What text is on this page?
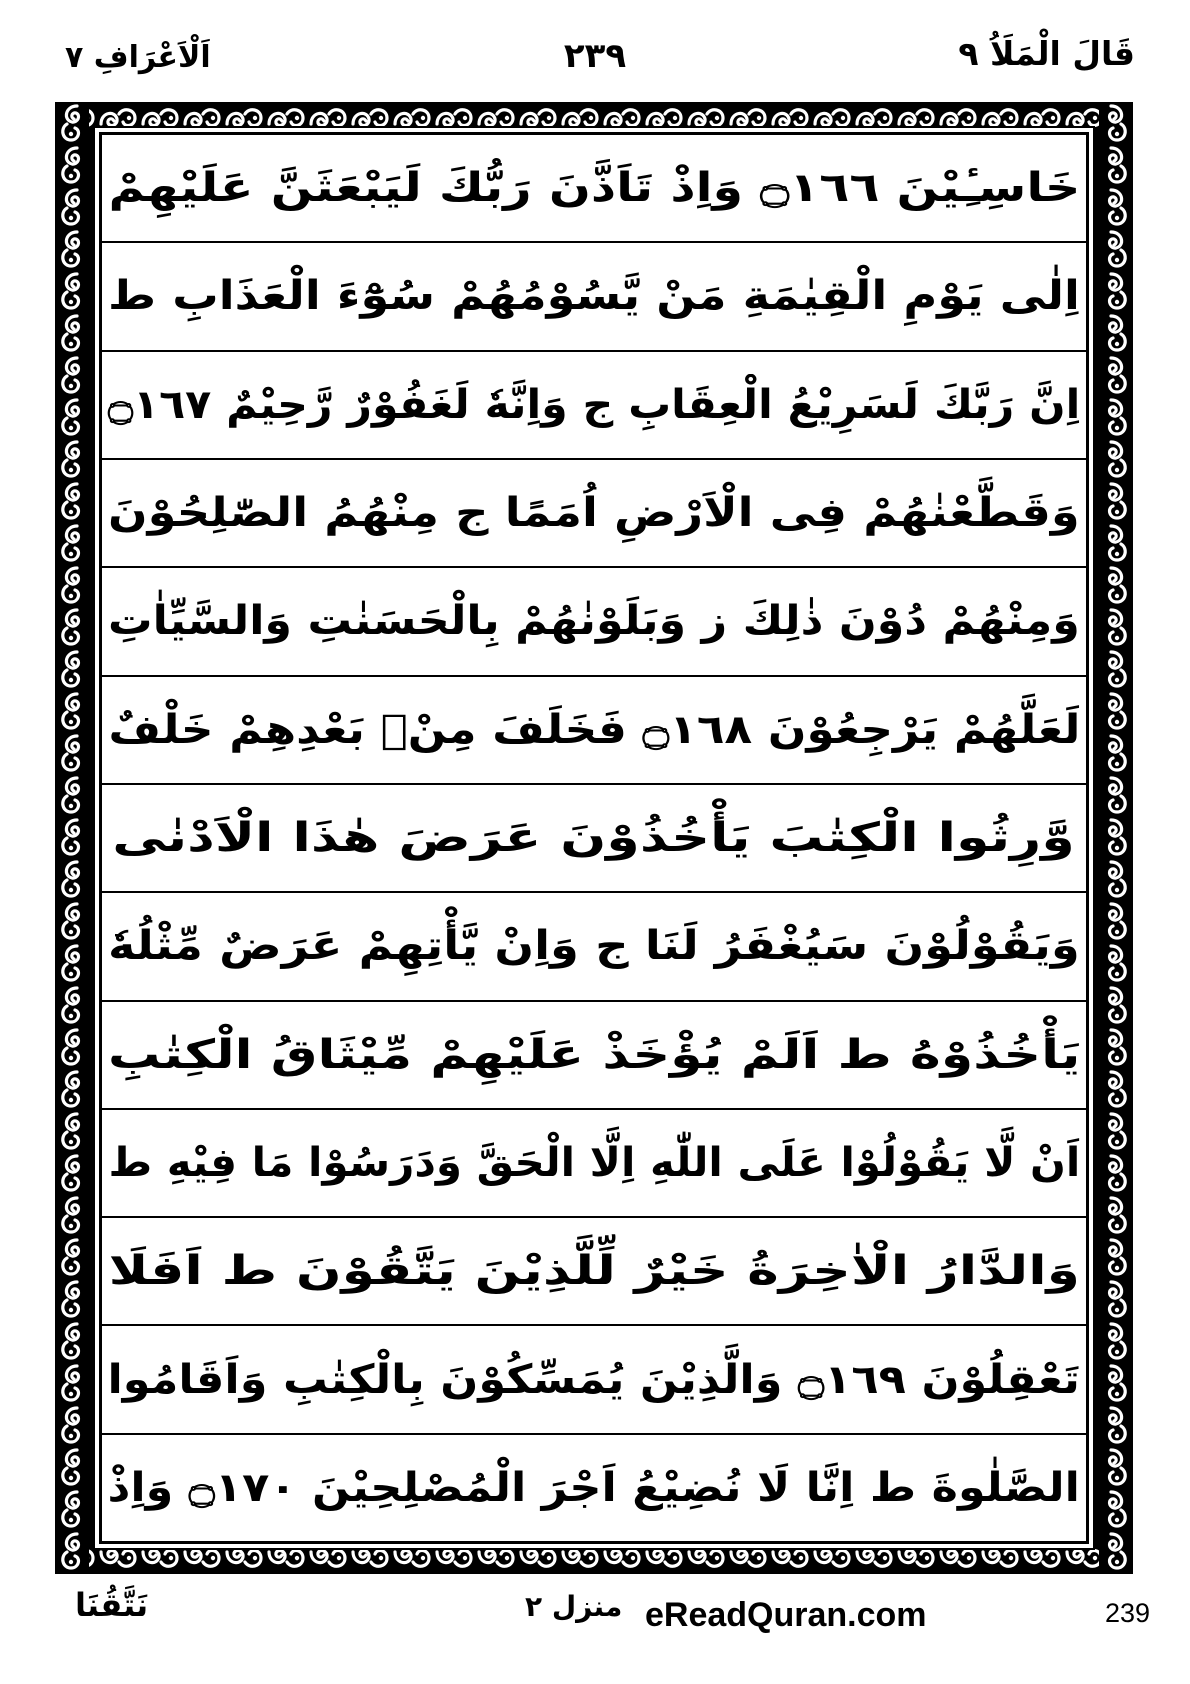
قَالَ الْمَلَاُ ٩
٢٣٩
اَلْاَعْرَافِ ٧
خَاسِـِٔيْنَ ۝١٦٦ وَاِذْ تَاَذَّنَ رَبُّكَ لَيَبْعَثَنَّ عَلَيْهِمْ
اِلٰى يَوْمِ الْقِيٰمَةِ مَنْ يَّسُوْمُهُمْ سُوْٓءَ الْعَذَابِ ط
اِنَّ رَبَّكَ لَسَرِيْعُ الْعِقَابِ ج وَاِنَّهٗ لَغَفُوْرٌ رَّحِيْمٌ ۝١٦٧
وَقَطَّعْنٰهُمْ فِى الْاَرْضِ اُمَمًا ج مِنْهُمُ الصّٰلِحُوْنَ
وَمِنْهُمْ دُوْنَ ذٰلِكَ ز وَبَلَوْنٰهُمْ بِالْحَسَنٰتِ وَالسَّيِّاٰتِ
لَعَلَّهُمْ يَرْجِعُوْنَ ۝١٦٨ فَخَلَفَ مِنْۢ بَعْدِهِمْ خَلْفٌ
وَّرِثُوا الْكِتٰبَ يَأْخُذُوْنَ عَرَضَ هٰذَا الْاَدْنٰى
وَيَقُوْلُوْنَ سَيُغْفَرُ لَنَا ج وَاِنْ يَّأْتِهِمْ عَرَضٌ مِّثْلُهٗ
يَأْخُذُوْهُ ط اَلَمْ يُؤْخَذْ عَلَيْهِمْ مِّيْثَاقُ الْكِتٰبِ
اَنْ لَّا يَقُوْلُوْا عَلَى اللّٰهِ اِلَّا الْحَقَّ وَدَرَسُوْا مَا فِيْهِ ط
وَالدَّارُ الْاٰخِرَةُ خَيْرٌ لِّلَّذِيْنَ يَتَّقُوْنَ ط اَفَلَا
تَعْقِلُوْنَ ۝١٦٩ وَالَّذِيْنَ يُمَسِّكُوْنَ بِالْكِتٰبِ وَاَقَامُوا
الصَّلٰوةَ ط اِنَّا لَا نُضِيْعُ اَجْرَ الْمُصْلِحِيْنَ ۝١٧٠ وَاِذْ
نَتَّقُنَا	منزل ٢ eReadQuran.com	239
